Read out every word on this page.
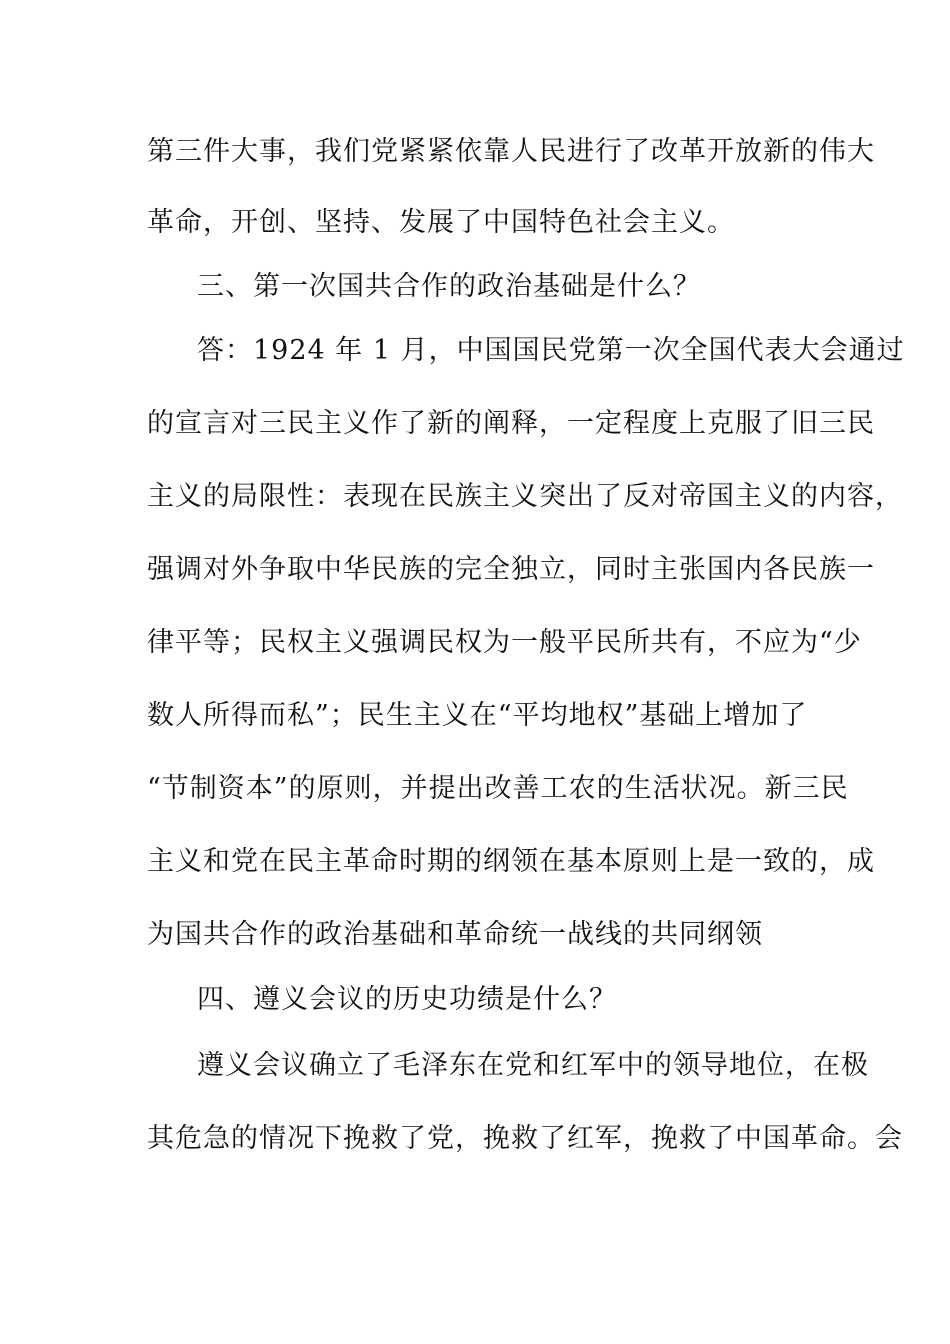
第三件大事，我们党紧紧依靠人民进行了改革开放新的伟大
革命，开创、坚持、发展了中国特色社会主义。
三、第一次国共合作的政治基础是什么？
答：1924 年 1 月，中国国民党第一次全国代表大会通过
的宣言对三民主义作了新的阐释，一定程度上克服了旧三民
主义的局限性：表现在民族主义突出了反对帝国主义的内容，
强调对外争取中华民族的完全独立，同时主张国内各民族一
律平等；民权主义强调民权为一般平民所共有，不应为“少
数人所得而私”；民生主义在“平均地权”基础上增加了
“节制资本”的原则，并提出改善工农的生活状况。新三民
主义和党在民主革命时期的纲领在基本原则上是一致的，成
为国共合作的政治基础和革命统一战线的共同纲领
四、遵义会议的历史功绩是什么？
遵义会议确立了毛泽东在党和红军中的领导地位，在极
其危急的情况下挽救了党，挽救了红军，挽救了中国革命。会
